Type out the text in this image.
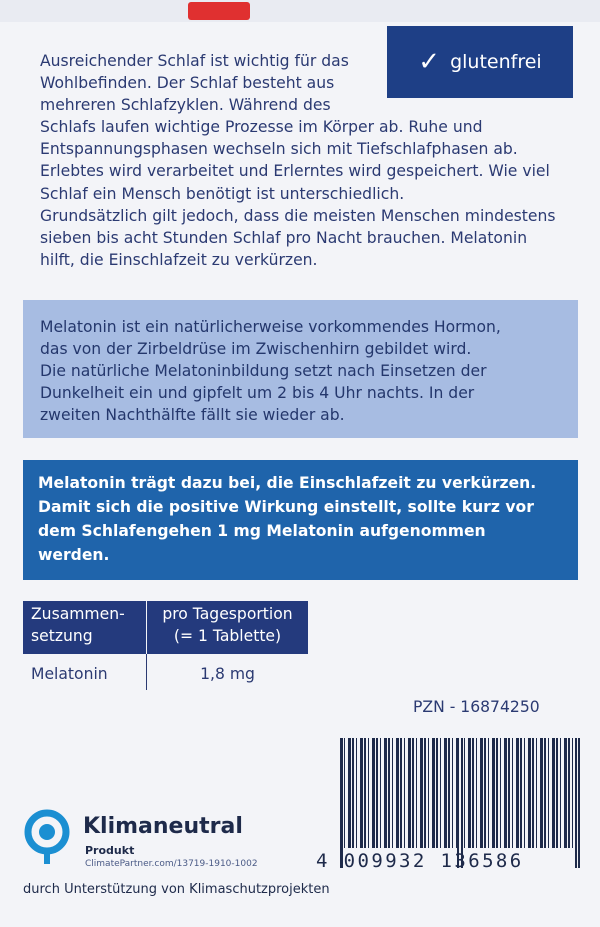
✓ glutenfrei
Ausreichender Schlaf ist wichtig für das
Wohlbefinden. Der Schlaf besteht aus
mehreren Schlafzyklen. Während des
Schlafs laufen wichtige Prozesse im Körper ab. Ruhe und
Entspannungsphasen wechseln sich mit Tiefschlafphasen ab.
Erlebtes wird verarbeitet und Erlerntes wird gespeichert. Wie viel
Schlaf ein Mensch benötigt ist unterschiedlich.
Grundsätzlich gilt jedoch, dass die meisten Menschen mindestens
sieben bis acht Stunden Schlaf pro Nacht brauchen. Melatonin
hilft, die Einschlafzeit zu verkürzen.
Melatonin ist ein natürlicherweise vorkommendes Hormon,
das von der Zirbeldrüse im Zwischenhirn gebildet wird.
Die natürliche Melatoninbildung setzt nach Einsetzen der
Dunkelheit ein und gipfelt um 2 bis 4 Uhr nachts. In der
zweiten Nachthälfte fällt sie wieder ab.
Melatonin trägt dazu bei, die Einschlafzeit zu verkürzen.
Damit sich die positive Wirkung einstellt, sollte kurz vor
dem Schlafengehen 1 mg Melatonin aufgenommen
werden.
Zusammen-
setzung
pro Tagesportion
(= 1 Tablette)
Melatonin	1,8 mg
PZN - 16874250
4 009932 136586
Klimaneutral
Produkt
ClimatePartner.com/13719-1910-1002
durch Unterstützung von Klimaschutzprojekten
